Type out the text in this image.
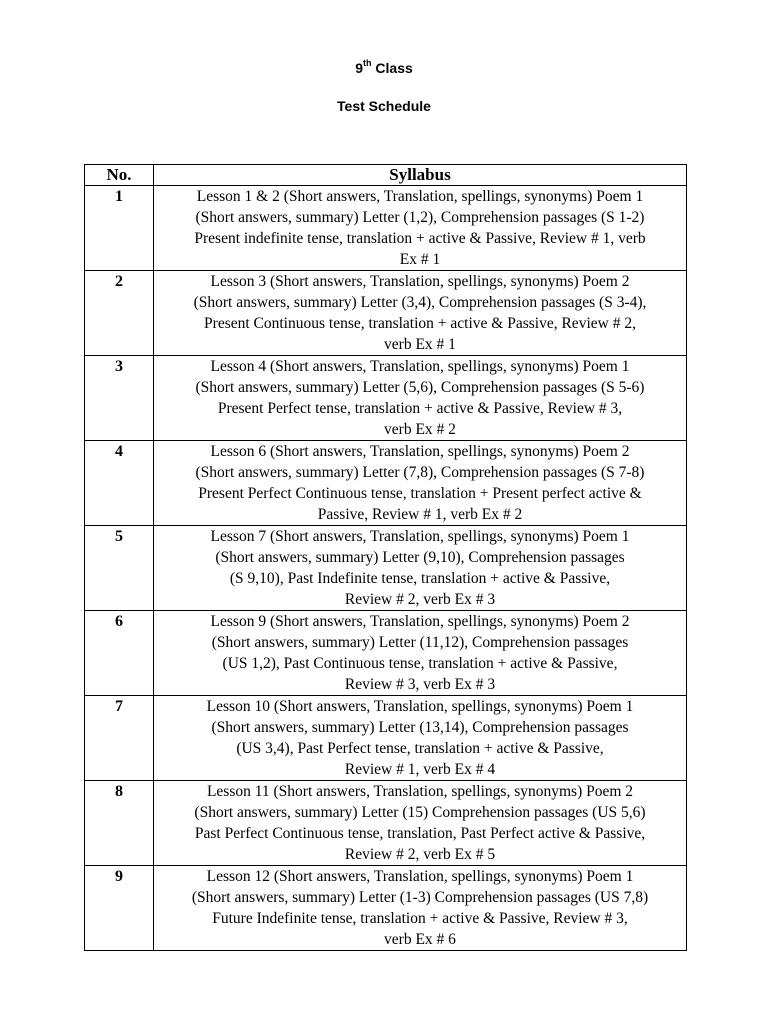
9th Class
Test Schedule
No.	Syllabus
1	Lesson 1 & 2 (Short answers, Translation, spellings, synonyms) Poem 1
(Short answers, summary) Letter (1,2), Comprehension passages (S 1-2)
Present indefinite tense, translation + active & Passive, Review # 1, verb
Ex # 1

2	Lesson 3 (Short answers, Translation, spellings, synonyms) Poem 2
(Short answers, summary) Letter (3,4), Comprehension passages (S 3-4),
Present Continuous tense, translation + active & Passive, Review # 2,
verb Ex # 1

3	Lesson 4 (Short answers, Translation, spellings, synonyms) Poem 1
(Short answers, summary) Letter (5,6), Comprehension passages (S 5-6)
Present Perfect tense, translation + active & Passive, Review # 3,
verb Ex # 2

4	Lesson 6 (Short answers, Translation, spellings, synonyms) Poem 2
(Short answers, summary) Letter (7,8), Comprehension passages (S 7-8)
Present Perfect Continuous tense, translation + Present perfect active &
Passive, Review # 1, verb Ex # 2

5	Lesson 7 (Short answers, Translation, spellings, synonyms) Poem 1
(Short answers, summary) Letter (9,10), Comprehension passages
(S 9,10), Past Indefinite tense, translation + active & Passive,
Review # 2, verb Ex # 3

6	Lesson 9 (Short answers, Translation, spellings, synonyms) Poem 2
(Short answers, summary) Letter (11,12), Comprehension passages
(US 1,2), Past Continuous tense, translation + active & Passive,
Review # 3, verb Ex # 3

7	Lesson 10 (Short answers, Translation, spellings, synonyms) Poem 1
(Short answers, summary) Letter (13,14), Comprehension passages
(US 3,4), Past Perfect tense, translation + active & Passive,
Review # 1, verb Ex # 4

8	Lesson 11 (Short answers, Translation, spellings, synonyms) Poem 2
(Short answers, summary) Letter (15) Comprehension passages (US 5,6)
Past Perfect Continuous tense, translation, Past Perfect active & Passive,
Review # 2, verb Ex # 5

9	Lesson 12 (Short answers, Translation, spellings, synonyms) Poem 1
(Short answers, summary) Letter (1-3) Comprehension passages (US 7,8)
Future Indefinite tense, translation + active & Passive, Review # 3,
verb Ex # 6
